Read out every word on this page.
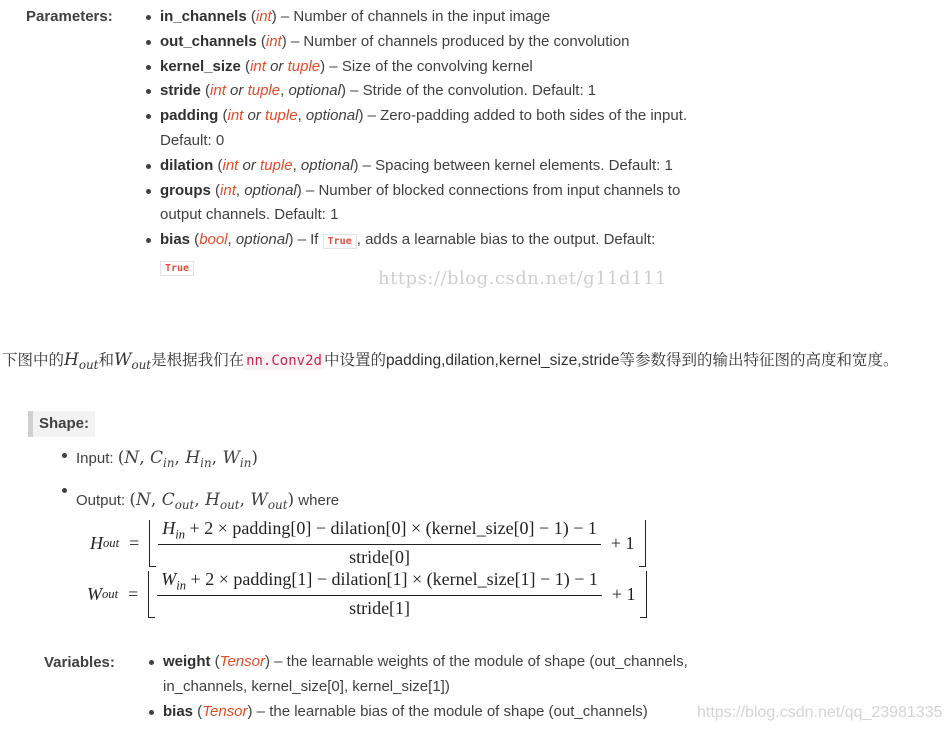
Parameters:	in_channels (int) – Number of channels in the input image
out_channels (int) – Number of channels produced by the convolution
kernel_size (int or tuple) – Size of the convolving kernel
stride (int or tuple, optional) – Stride of the convolution. Default: 1
padding (int or tuple, optional) – Zero-padding added to both sides of the input.
Default: 0
dilation (int or tuple, optional) – Spacing between kernel elements. Default: 1
groups (int, optional) – Number of blocked connections from input channels to
output channels. Default: 1
bias (bool, optional) – If True , adds a learnable bias to the output. Default:
True	https://blog.csdn.net/g11d111
下图中的$H_{out}$和$W_{out}$是根据我们在 nn.Conv2d 中设置的padding,dilation,kernel_size,stride等参数得到的输出特征图的高度和宽度。
Shape:
Input: (N, $C_{in}$, $H_{in}$, $W_{in}$)
Output: (N, $C_{out}$, $H_{out}$, $W_{out}$) where
H out =
$H_{in} + 2$ × padding[0] − dilation[0] × (kernel_size[0] − 1) − 1
stride[0]
+ 1
W out =
$W_{in} + 2$ × padding[1] − dilation[1] × (kernel_size[1] − 1) − 1
stride[1]
+ 1
Variables:	weight (Tensor) – the learnable weights of the module of shape (out_channels,
in_channels, kernel_size[0], kernel_size[1])
bias (Tensor) – the learnable bias of the module of shape (out_channels)	https://blog.csdn.net/qq_23981335
